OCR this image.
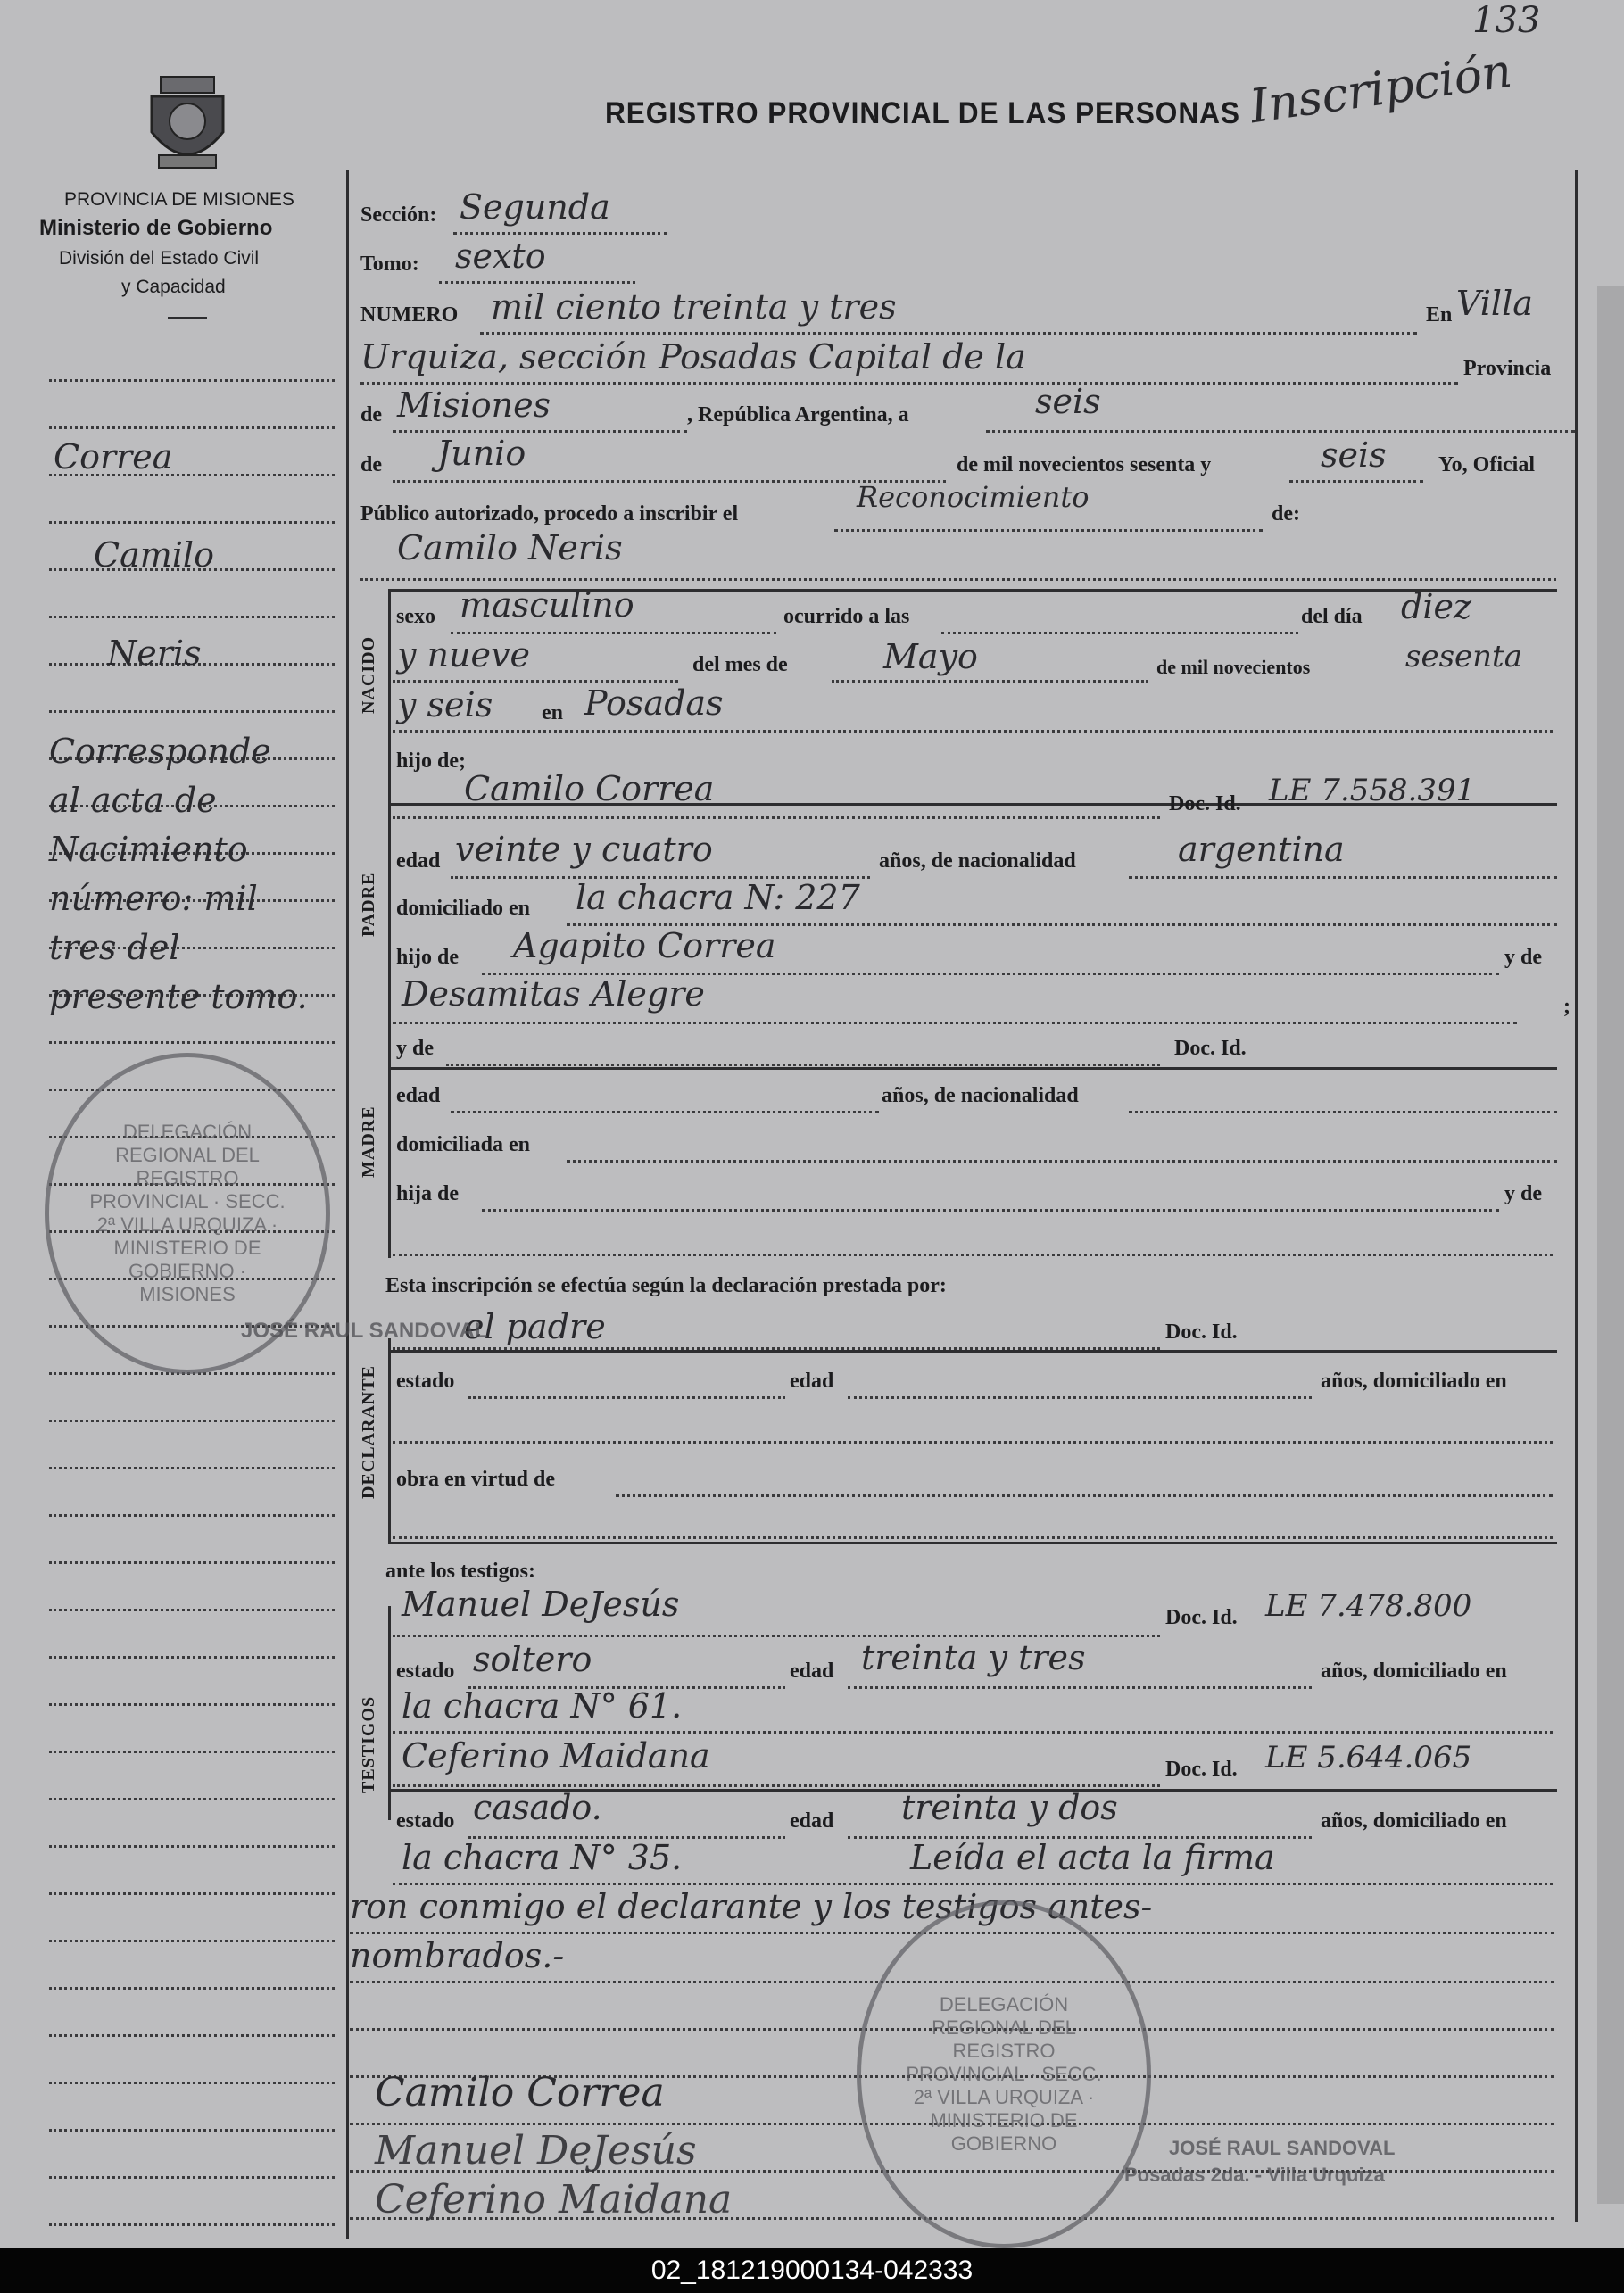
133
Inscripción
PROVINCIA DE MISIONES
Ministerio de Gobierno
División del Estado Civil
y Capacidad
REGISTRO PROVINCIAL DE LAS PERSONAS
Correa
Camilo
Neris
Corresponde
al acta de
Nacimiento
número: mil
tres del
presente tomo.
Sección: Segunda
Tomo: sexto
NUMERO mil ciento treinta y tres	En Villa
Urquiza, sección Posadas Capital de la	Provincia
de Misiones	, República Argentina, a	seis
de Junio	de mil novecientos sesenta y	seis Yo, Oficial
Público autorizado, procedo a inscribir el	Reconocimiento	de:
Camilo Neris
NACIDO
sexo masculino	ocurrido a las	del día diez
y nueve	del mes de	Mayo	de mil novecientos	sesenta
y seis en Posadas
hijo de;
PADRE
Camilo Correa	Doc. Id. LE 7.558.391
edad veinte y cuatro	años, de nacionalidad	argentina
domiciliado en la chacra N: 227
hijo de Agapito Correa	y de
Desamitas Alegre	;
MADRE
y de	Doc. Id.
edad	años, de nacionalidad
domiciliada en
hija de	y de
DECLARANTE
Esta inscripción se efectúa según la declaración prestada por:
el padre	Doc. Id.
estado	edad	años, domiciliado en
obra en virtud de
TESTIGOS
ante los testigos:
Manuel DeJesús	Doc. Id. LE 7.478.800
estado soltero	edad treinta y tres	años, domiciliado en
la chacra N° 61.
Ceferino Maidana	Doc. Id. LE 5.644.065
estado casado.	edad treinta y dos	años, domiciliado en
la chacra N° 35.	Leída el acta la firma
ron conmigo el declarante y los testigos antes-
nombrados.-
Camilo Correa
Manuel DeJesús
Ceferino Maidana
DELEGACIÓN REGIONAL DEL REGISTRO PROVINCIAL · SECC. 2ª VILLA URQUIZA · MINISTERIO DE GOBIERNO · MISIONES
JOSÉ RAUL SANDOVAL
DELEGACIÓN REGIONAL DEL REGISTRO PROVINCIAL · SECC. 2ª VILLA URQUIZA · MINISTERIO DE GOBIERNO	JOSÉ RAUL SANDOVAL
Posadas 2da. - Villa Urquiza
02_181219000134-042333
